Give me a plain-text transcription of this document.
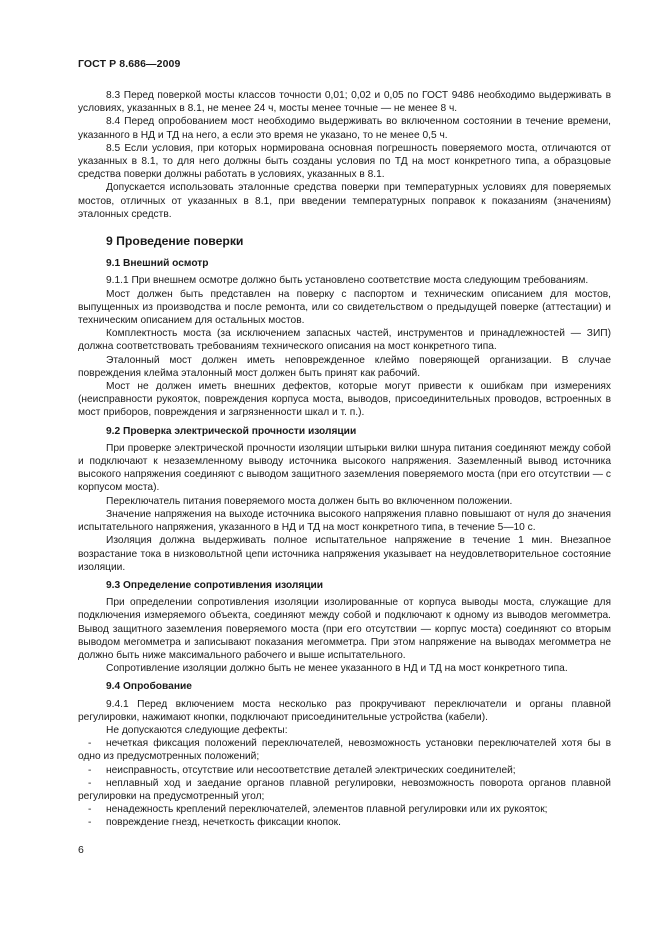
ГОСТ Р 8.686—2009

8.3 Перед поверкой мосты классов точности 0,01; 0,02 и 0,05 по ГОСТ 9486 необходимо выдерживать в условиях, указанных в 8.1, не менее 24 ч, мосты менее точные — не менее 8 ч.

8.4 Перед опробованием мост необходимо выдерживать во включенном состоянии в течение времени, указанного в НД и ТД на него, а если это время не указано, то не менее 0,5 ч.

8.5 Если условия, при которых нормирована основная погрешность поверяемого моста, отличаются от указанных в 8.1, то для него должны быть созданы условия по ТД на мост конкретного типа, а образцовые средства поверки должны работать в условиях, указанных в 8.1.

Допускается использовать эталонные средства поверки при температурных условиях для поверяемых мостов, отличных от указанных в 8.1, при введении температурных поправок к показаниям (значениям) эталонных средств.

9 Проведение поверки
9.1 Внешний осмотр

9.1.1 При внешнем осмотре должно быть установлено соответствие моста следующим требованиям.

Мост должен быть представлен на поверку с паспортом и техническим описанием для мостов, выпущенных из производства и после ремонта, или со свидетельством о предыдущей поверке (аттестации) и техническим описанием для остальных мостов.

Комплектность моста (за исключением запасных частей, инструментов и принадлежностей — ЗИП) должна соответствовать требованиям технического описания на мост конкретного типа.

Эталонный мост должен иметь неповрежденное клеймо поверяющей организации. В случае повреждения клейма эталонный мост должен быть принят как рабочий.

Мост не должен иметь внешних дефектов, которые могут привести к ошибкам при измерениях (неисправности рукояток, повреждения корпуса моста, выводов, присоединительных проводов, встроенных в мост приборов, повреждения и загрязненности шкал и т. п.).

9.2 Проверка электрической прочности изоляции

При проверке электрической прочности изоляции штырьки вилки шнура питания соединяют между собой и подключают к незаземленному выводу источника высокого напряжения. Заземленный вывод источника высокого напряжения соединяют с выводом защитного заземления поверяемого моста (при его отсутствии — с корпусом моста).

Переключатель питания поверяемого моста должен быть во включенном положении.

Значение напряжения на выходе источника высокого напряжения плавно повышают от нуля до значения испытательного напряжения, указанного в НД и ТД на мост конкретного типа, в течение 5—10 с.

Изоляция должна выдерживать полное испытательное напряжение в течение 1 мин. Внезапное возрастание тока в низковольтной цепи источника напряжения указывает на неудовлетворительное состояние изоляции.

9.3 Определение сопротивления изоляции

При определении сопротивления изоляции изолированные от корпуса выводы моста, служащие для подключения измеряемого объекта, соединяют между собой и подключают к одному из выводов мегомметра. Вывод защитного заземления поверяемого моста (при его отсутствии — корпус моста) соединяют со вторым выводом мегомметра и записывают показания мегомметра. При этом напряжение на выводах мегомметра не должно быть ниже максимального рабочего и выше испытательного.

Сопротивление изоляции должно быть не менее указанного в НД и ТД на мост конкретного типа.

9.4 Опробование

9.4.1 Перед включением моста несколько раз прокручивают переключатели и органы плавной регулировки, нажимают кнопки, подключают присоединительные устройства (кабели).

Не допускаются следующие дефекты:

- нечеткая фиксация положений переключателей, невозможность установки переключателей хотя бы в одно из предусмотренных положений;
- неисправность, отсутствие или несоответствие деталей электрических соединителей;
- неплавный ход и заедание органов плавной регулировки, невозможность поворота органов плавной регулировки на предусмотренный угол;
- ненадежность креплений переключателей, элементов плавной регулировки или их рукояток;
- повреждение гнезд, нечеткость фиксации кнопок.
6
